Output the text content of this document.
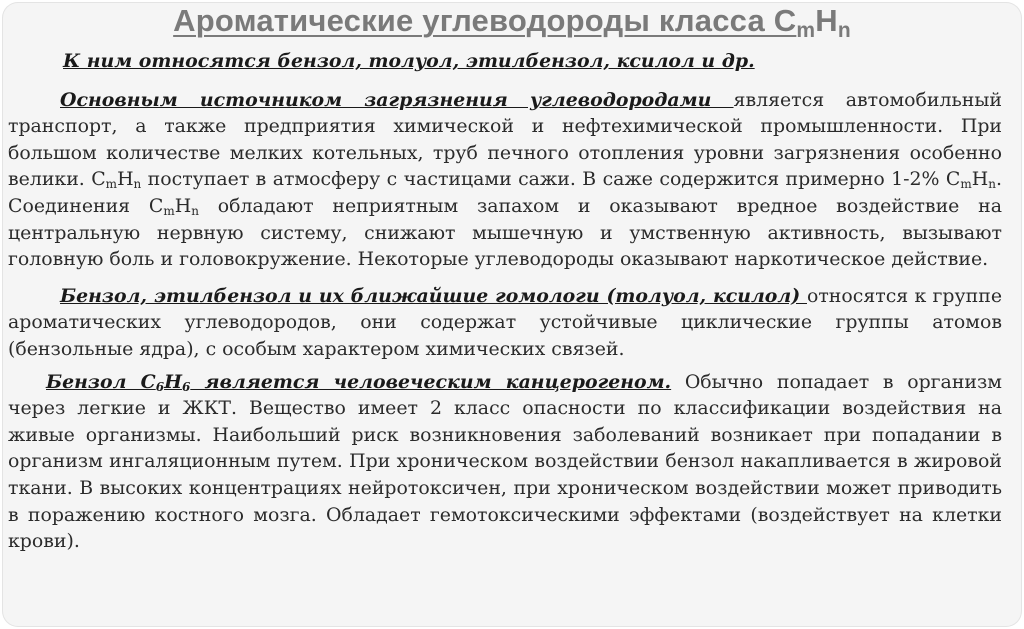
Ароматические углеводороды класса $С_mH_n$

К ним относятся бензол, толуол, этилбензол, ксилол и др.

Основным источником загрязнения углеводородами является автомобильный транспорт, а также предприятия химической и нефтехимической промышленности. При большом количестве мелких котельных, труб печного отопления уровни загрязнения особенно велики. $С_mН_n$ поступает в атмосферу с частицами сажи. В саже содержится примерно 1-2% $С_mН_n$. Соединения $С_mН_n$ обладают неприятным запахом и оказывают вредное воздействие на центральную нервную систему, снижают мышечную и умственную активность, вызывают головную боль и головокружение. Некоторые углеводороды оказывают наркотическое действие.

Бензол, этилбензол и их ближайшие гомологи (толуол, ксилол) относятся к группе ароматических углеводородов, они содержат устойчивые циклические группы атомов (бензольные ядра), с особым характером химических связей.

Бензол $С_6Н_6$ является человеческим канцерогеном. Обычно попадает в организм через легкие и ЖКТ. Вещество имеет 2 класс опасности по классификации воздействия на живые организмы. Наибольший риск возникновения заболеваний возникает при попадании в организм ингаляционным путем. При хроническом воздействии бензол накапливается в жировой ткани. В высоких концентрациях нейротоксичен, при хроническом воздействии может приводить в поражению костного мозга. Обладает гемотоксическими эффектами (воздействует на клетки крови).
